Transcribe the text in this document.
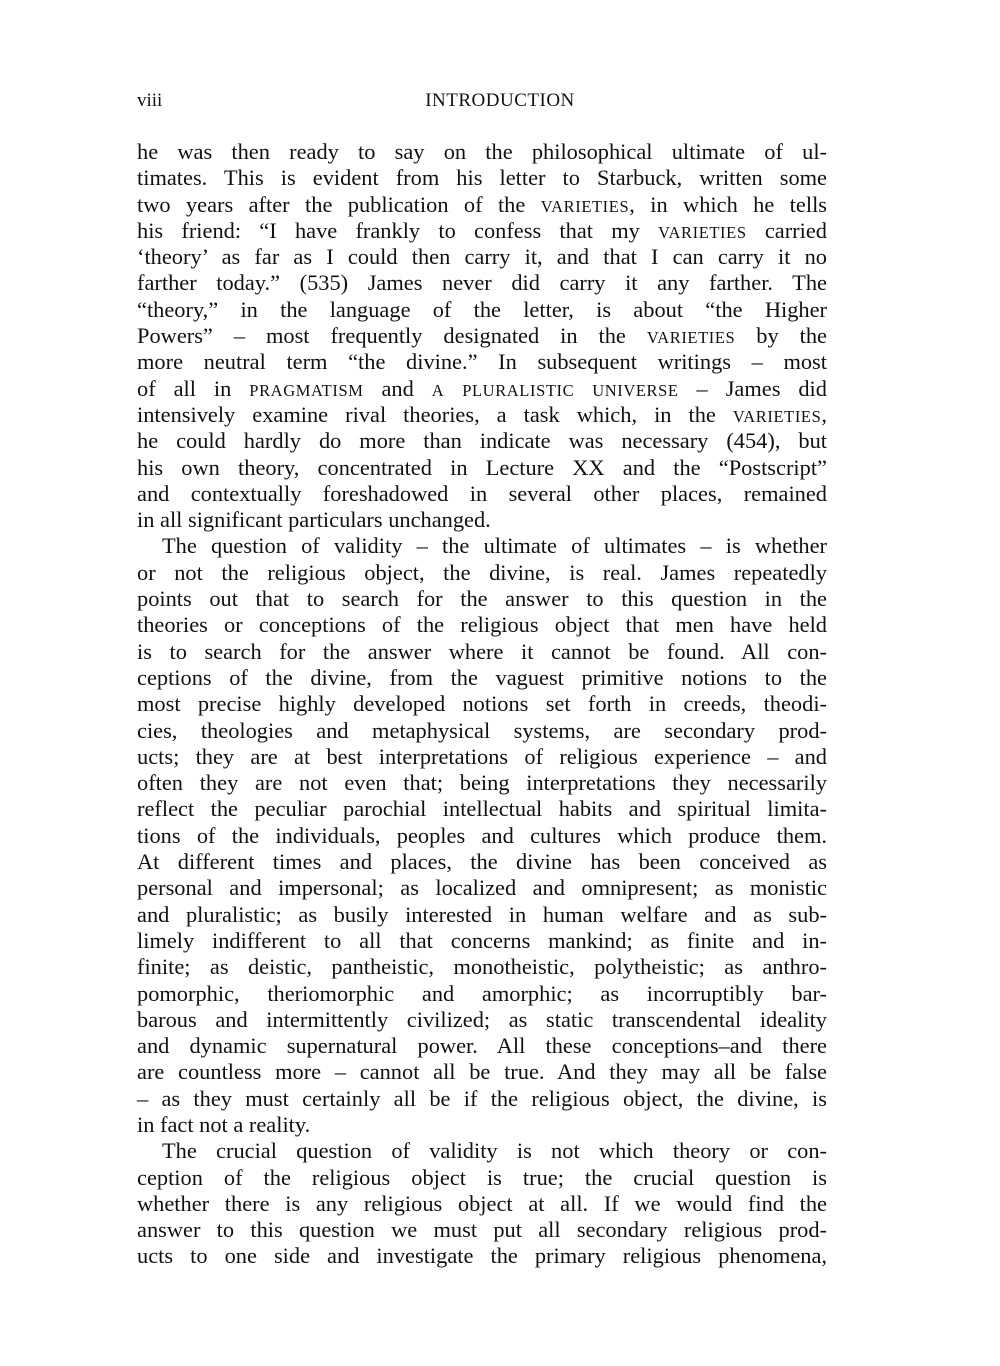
viii	INTRODUCTION
he was then ready to say on the philosophical ultimate of ul-
timates. This is evident from his letter to Starbuck, written some
two years after the publication of the VARIETIES, in which he tells
his friend: “I have frankly to confess that my VARIETIES carried
‘theory’ as far as I could then carry it, and that I can carry it no
farther today.” (535) James never did carry it any farther. The
“theory,” in the language of the letter, is about “the Higher
Powers” – most frequently designated in the VARIETIES by the
more neutral term “the divine.” In subsequent writings – most
of all in PRAGMATISM and A PLURALISTIC UNIVERSE – James did
intensively examine rival theories, a task which, in the VARIETIES,
he could hardly do more than indicate was necessary (454), but
his own theory, concentrated in Lecture XX and the “Postscript”
and contextually foreshadowed in several other places, remained
in all significant particulars unchanged.
The question of validity – the ultimate of ultimates – is whether
or not the religious object, the divine, is real. James repeatedly
points out that to search for the answer to this question in the
theories or conceptions of the religious object that men have held
is to search for the answer where it cannot be found. All con-
ceptions of the divine, from the vaguest primitive notions to the
most precise highly developed notions set forth in creeds, theodi-
cies, theologies and metaphysical systems, are secondary prod-
ucts; they are at best interpretations of religious experience – and
often they are not even that; being interpretations they necessarily
reflect the peculiar parochial intellectual habits and spiritual limita-
tions of the individuals, peoples and cultures which produce them.
At different times and places, the divine has been conceived as
personal and impersonal; as localized and omnipresent; as monistic
and pluralistic; as busily interested in human welfare and as sub-
limely indifferent to all that concerns mankind; as finite and in-
finite; as deistic, pantheistic, monotheistic, polytheistic; as anthro-
pomorphic, theriomorphic and amorphic; as incorruptibly bar-
barous and intermittently civilized; as static transcendental ideality
and dynamic supernatural power. All these conceptions–and there
are countless more – cannot all be true. And they may all be false
– as they must certainly all be if the religious object, the divine, is
in fact not a reality.
The crucial question of validity is not which theory or con-
ception of the religious object is true; the crucial question is
whether there is any religious object at all. If we would find the
answer to this question we must put all secondary religious prod-
ucts to one side and investigate the primary religious phenomena,
